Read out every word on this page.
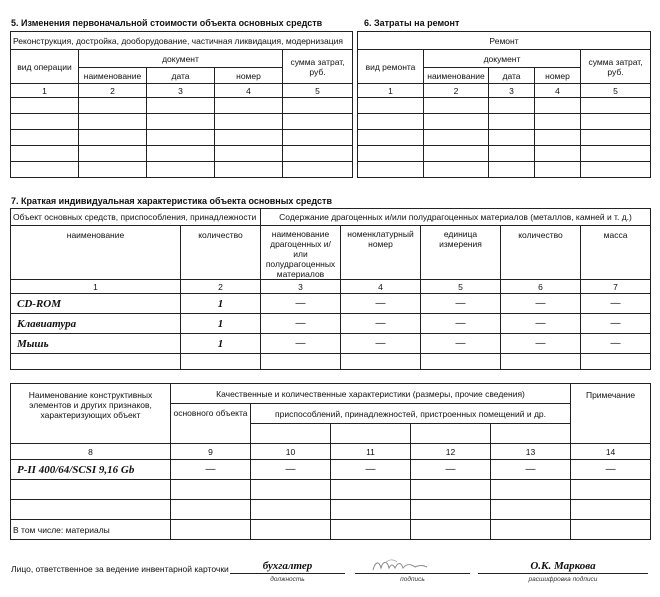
5. Изменения первоначальной стоимости объекта основных средств
Реконструкция, достройка, дооборудование, частичная ликвидация, модернизация				
вид операции	документ			сумма затрат, руб.
	наименование	дата	номер	
1	2	3	4	5

6. Затраты на ремонт
Ремонт				
вид ремонта	документ			сумма затрат, руб.
	наименование	дата	номер	
1	2	3	4	5

7. Краткая индивидуальная характеристика объекта основных средств
Объект основных средств, приспособления, принадлежности		Содержание драгоценных и/или полудрагоценных материалов (металлов, камней и т. д.)				
наименование	количество	наименование драгоценных и/или полудрагоценных материалов	номенклатурный номер	единица измерения	количество	масса
1	2	3	4	5	6	7
CD-ROM	1	—	—	—	—	—
Клавиатура	1	—	—	—	—	—
Мышь	1	—	—	—	—	—

Наименование конструктивных элементов и других признаков, характеризующих объект	Качественные и количественные характеристики (размеры, прочие сведения)					Примечание
	основного объекта	приспособлений, принадлежностей, пристроенных помещений и др.				

8	9	10	11	12	13	14
P-II 400/64/SCSI 9,16 Gb	—	—	—	—	—	—

В том числе: материалы						
Лицо, ответственное за ведение инвентарной карточки	бухгалтер
должность	подпись
О.К. Маркова
расшифровка подписи
